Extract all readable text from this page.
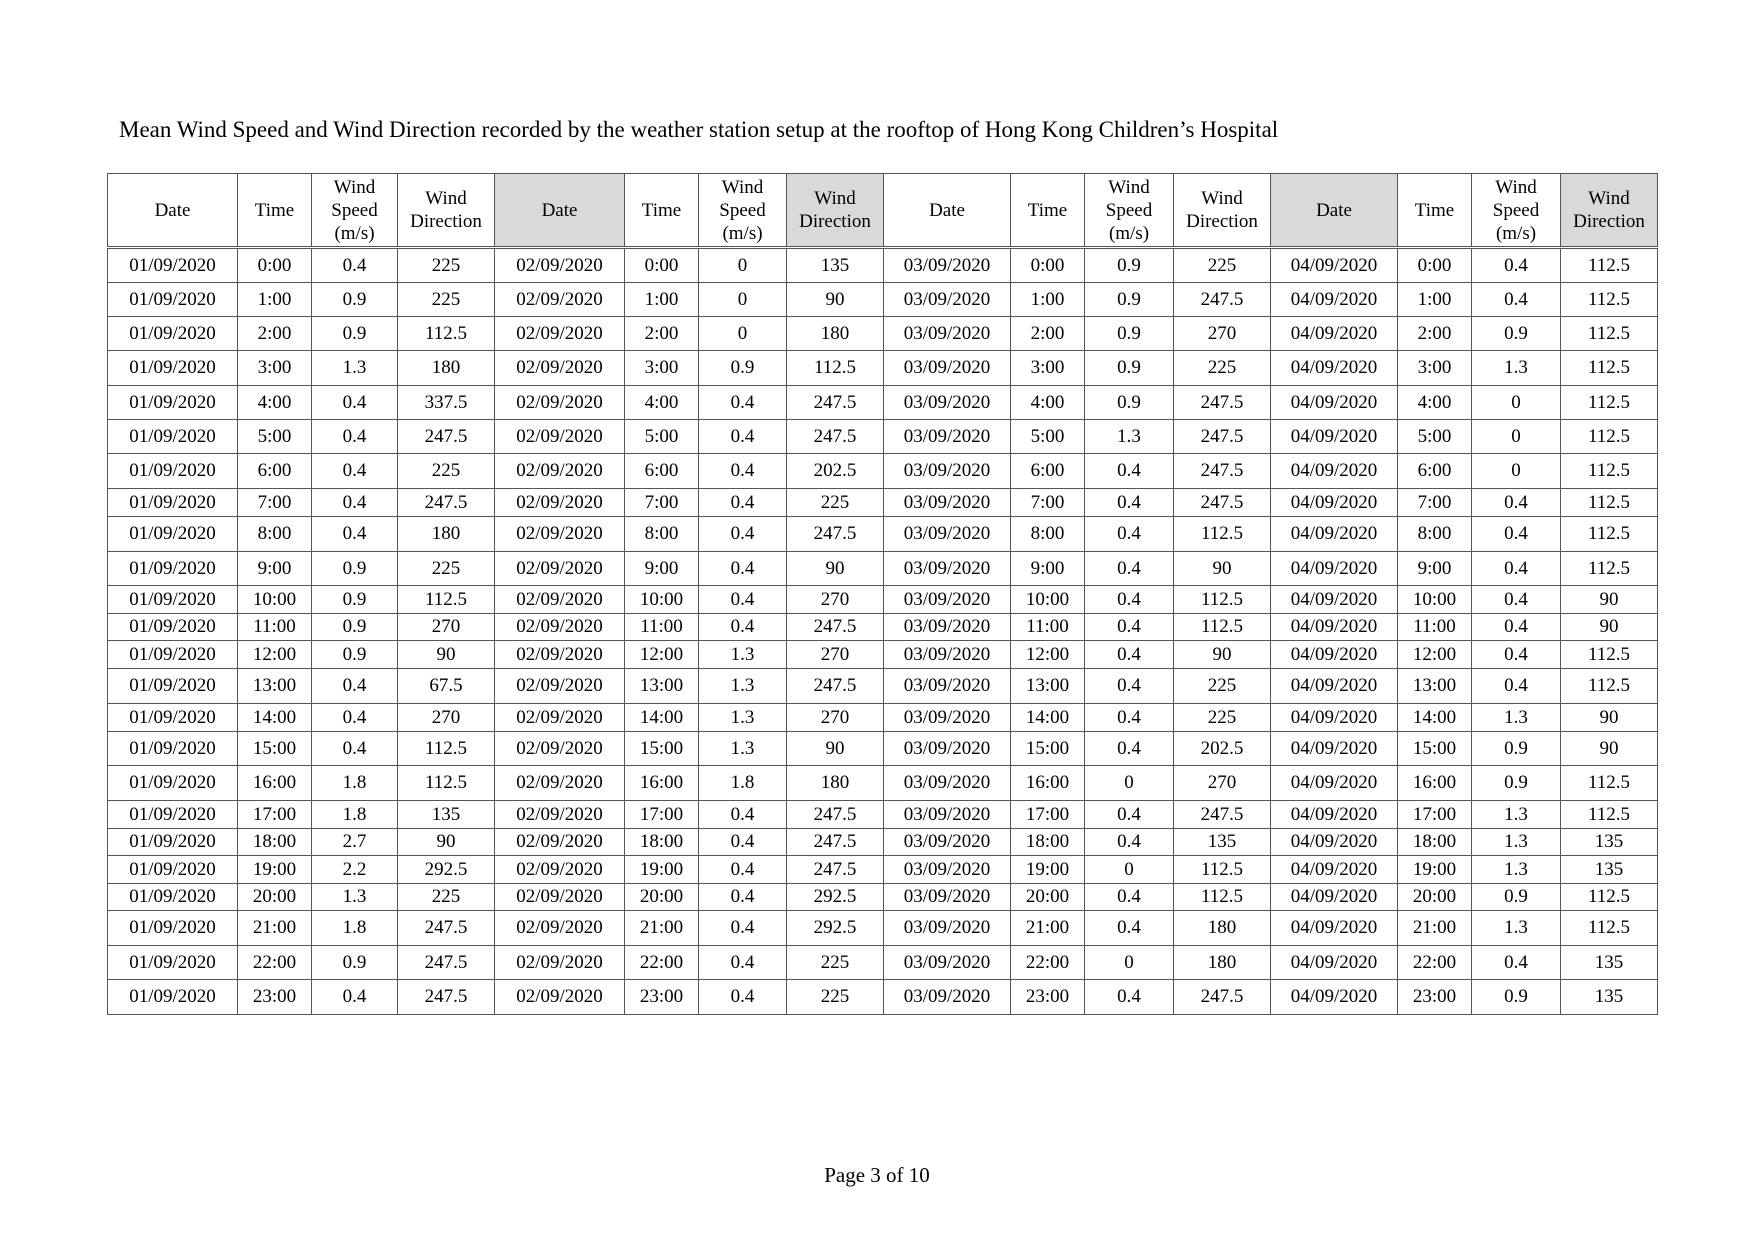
Mean Wind Speed and Wind Direction recorded by the weather station setup at the rooftop of Hong Kong Children’s Hospital
Date	Time	Wind
Speed
(m/s)	Wind
Direction	Date	Time	Wind
Speed
(m/s)	Wind
Direction	Date	Time	Wind
Speed
(m/s)	Wind
Direction	Date	Time	Wind
Speed
(m/s)	Wind
Direction
01/09/2020	0:00	0.4	225	02/09/2020	0:00	0	135	03/09/2020	0:00	0.9	225	04/09/2020	0:00	0.4	112.5
01/09/2020	1:00	0.9	225	02/09/2020	1:00	0	90	03/09/2020	1:00	0.9	247.5	04/09/2020	1:00	0.4	112.5
01/09/2020	2:00	0.9	112.5	02/09/2020	2:00	0	180	03/09/2020	2:00	0.9	270	04/09/2020	2:00	0.9	112.5
01/09/2020	3:00	1.3	180	02/09/2020	3:00	0.9	112.5	03/09/2020	3:00	0.9	225	04/09/2020	3:00	1.3	112.5
01/09/2020	4:00	0.4	337.5	02/09/2020	4:00	0.4	247.5	03/09/2020	4:00	0.9	247.5	04/09/2020	4:00	0	112.5
01/09/2020	5:00	0.4	247.5	02/09/2020	5:00	0.4	247.5	03/09/2020	5:00	1.3	247.5	04/09/2020	5:00	0	112.5
01/09/2020	6:00	0.4	225	02/09/2020	6:00	0.4	202.5	03/09/2020	6:00	0.4	247.5	04/09/2020	6:00	0	112.5
01/09/2020	7:00	0.4	247.5	02/09/2020	7:00	0.4	225	03/09/2020	7:00	0.4	247.5	04/09/2020	7:00	0.4	112.5
01/09/2020	8:00	0.4	180	02/09/2020	8:00	0.4	247.5	03/09/2020	8:00	0.4	112.5	04/09/2020	8:00	0.4	112.5
01/09/2020	9:00	0.9	225	02/09/2020	9:00	0.4	90	03/09/2020	9:00	0.4	90	04/09/2020	9:00	0.4	112.5
01/09/2020	10:00	0.9	112.5	02/09/2020	10:00	0.4	270	03/09/2020	10:00	0.4	112.5	04/09/2020	10:00	0.4	90
01/09/2020	11:00	0.9	270	02/09/2020	11:00	0.4	247.5	03/09/2020	11:00	0.4	112.5	04/09/2020	11:00	0.4	90
01/09/2020	12:00	0.9	90	02/09/2020	12:00	1.3	270	03/09/2020	12:00	0.4	90	04/09/2020	12:00	0.4	112.5
01/09/2020	13:00	0.4	67.5	02/09/2020	13:00	1.3	247.5	03/09/2020	13:00	0.4	225	04/09/2020	13:00	0.4	112.5
01/09/2020	14:00	0.4	270	02/09/2020	14:00	1.3	270	03/09/2020	14:00	0.4	225	04/09/2020	14:00	1.3	90
01/09/2020	15:00	0.4	112.5	02/09/2020	15:00	1.3	90	03/09/2020	15:00	0.4	202.5	04/09/2020	15:00	0.9	90
01/09/2020	16:00	1.8	112.5	02/09/2020	16:00	1.8	180	03/09/2020	16:00	0	270	04/09/2020	16:00	0.9	112.5
01/09/2020	17:00	1.8	135	02/09/2020	17:00	0.4	247.5	03/09/2020	17:00	0.4	247.5	04/09/2020	17:00	1.3	112.5
01/09/2020	18:00	2.7	90	02/09/2020	18:00	0.4	247.5	03/09/2020	18:00	0.4	135	04/09/2020	18:00	1.3	135
01/09/2020	19:00	2.2	292.5	02/09/2020	19:00	0.4	247.5	03/09/2020	19:00	0	112.5	04/09/2020	19:00	1.3	135
01/09/2020	20:00	1.3	225	02/09/2020	20:00	0.4	292.5	03/09/2020	20:00	0.4	112.5	04/09/2020	20:00	0.9	112.5
01/09/2020	21:00	1.8	247.5	02/09/2020	21:00	0.4	292.5	03/09/2020	21:00	0.4	180	04/09/2020	21:00	1.3	112.5
01/09/2020	22:00	0.9	247.5	02/09/2020	22:00	0.4	225	03/09/2020	22:00	0	180	04/09/2020	22:00	0.4	135
01/09/2020	23:00	0.4	247.5	02/09/2020	23:00	0.4	225	03/09/2020	23:00	0.4	247.5	04/09/2020	23:00	0.9	135
Page 3 of 10
